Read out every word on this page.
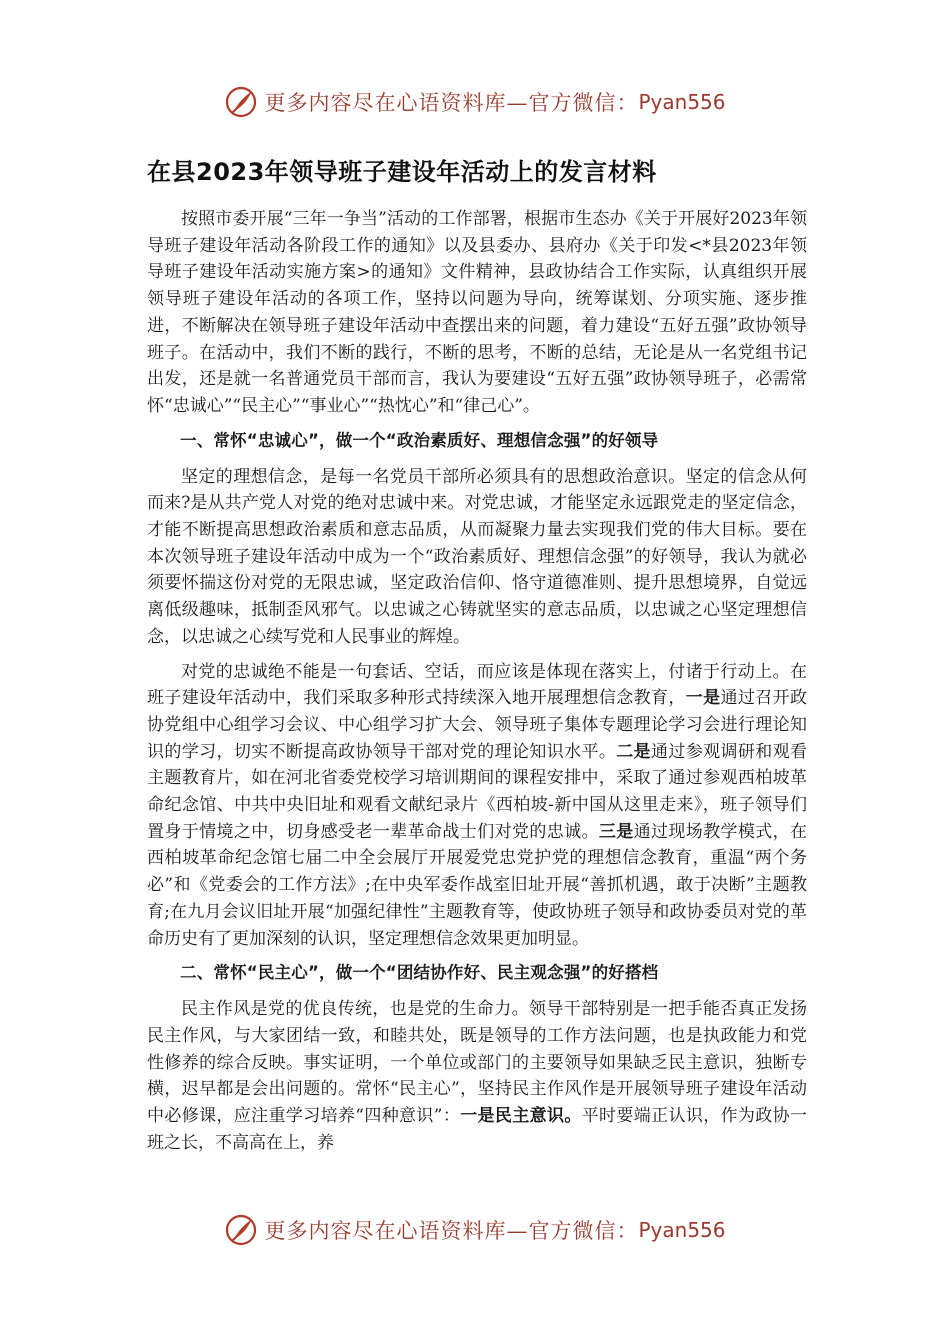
更多内容尽在心语资料库—官方微信： Pyan556
在县2023年领导班子建设年活动上的发言材料

按照市委开展“三年一争当”活动的工作部署，根据市生态办《关于开展好2023年领导班子建设年活动各阶段工作的通知》以及县委办、县府办《关于印发<*县2023年领导班子建设年活动实施方案>的通知》文件精神，县政协结合工作实际，认真组织开展领导班子建设年活动的各项工作，坚持以问题为导向，统筹谋划、分项实施、逐步推进，不断解决在领导班子建设年活动中查摆出来的问题，着力建设“五好五强”政协领导班子。在活动中，我们不断的践行，不断的思考，不断的总结，无论是从一名党组书记出发，还是就一名普通党员干部而言，我认为要建设“五好五强”政协领导班子，必需常怀“忠诚心”“民主心”“事业心”“热忱心”和“律己心”。

一、常怀“忠诚心”，做一个“政治素质好、理想信念强”的好领导

坚定的理想信念，是每一名党员干部所必须具有的思想政治意识。坚定的信念从何而来?是从共产党人对党的绝对忠诚中来。对党忠诚，才能坚定永远跟党走的坚定信念，才能不断提高思想政治素质和意志品质，从而凝聚力量去实现我们党的伟大目标。要在本次领导班子建设年活动中成为一个“政治素质好、理想信念强”的好领导，我认为就必须要怀揣这份对党的无限忠诚，坚定政治信仰、恪守道德准则、提升思想境界，自觉远离低级趣味，抵制歪风邪气。以忠诚之心铸就坚实的意志品质，以忠诚之心坚定理想信念，以忠诚之心续写党和人民事业的辉煌。

对党的忠诚绝不能是一句套话、空话，而应该是体现在落实上，付诸于行动上。在班子建设年活动中，我们采取多种形式持续深入地开展理想信念教育，一是通过召开政协党组中心组学习会议、中心组学习扩大会、领导班子集体专题理论学习会进行理论知识的学习，切实不断提高政协领导干部对党的理论知识水平。二是通过参观调研和观看主题教育片，如在河北省委党校学习培训期间的课程安排中，采取了通过参观西柏坡革命纪念馆、中共中央旧址和观看文献纪录片《西柏坡-新中国从这里走来》，班子领导们置身于情境之中，切身感受老一辈革命战士们对党的忠诚。三是通过现场教学模式，在西柏坡革命纪念馆七届二中全会展厅开展爱党忠党护党的理想信念教育，重温“两个务必”和《党委会的工作方法》;在中央军委作战室旧址开展“善抓机遇，敢于决断”主题教育;在九月会议旧址开展“加强纪律性”主题教育等，使政协班子领导和政协委员对党的革命历史有了更加深刻的认识，坚定理想信念效果更加明显。

二、常怀“民主心”，做一个“团结协作好、民主观念强”的好搭档

民主作风是党的优良传统，也是党的生命力。领导干部特别是一把手能否真正发扬民主作风，与大家团结一致，和睦共处，既是领导的工作方法问题，也是执政能力和党性修养的综合反映。事实证明，一个单位或部门的主要领导如果缺乏民主意识，独断专横，迟早都是会出问题的。常怀“民主心”，坚持民主作风作是开展领导班子建设年活动中必修课，应注重学习培养“四种意识”：一是民主意识。平时要端正认识，作为政协一班之长，不高高在上，养

更多内容尽在心语资料库—官方微信： Pyan556
